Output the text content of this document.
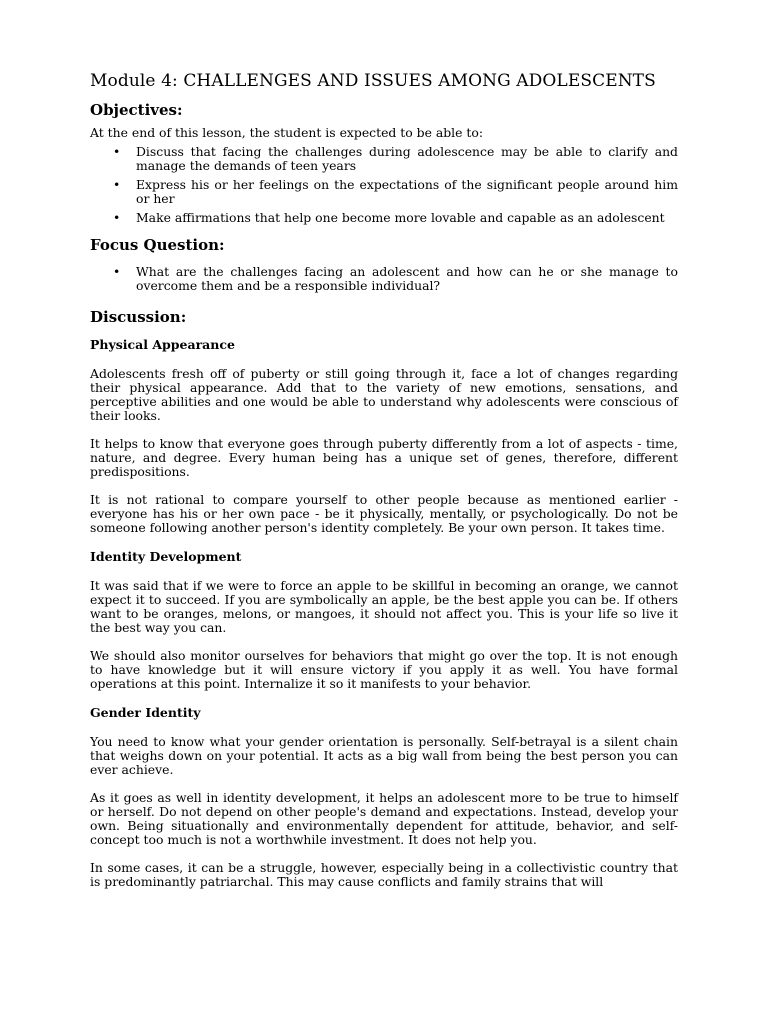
Module 4: CHALLENGES AND ISSUES AMONG ADOLESCENTS
Objectives:

At the end of this lesson, the student is expected to be able to:

• Discuss that facing the challenges during adolescence may be able to clarify and manage the demands of teen years
• Express his or her feelings on the expectations of the significant people around him or her
• Make affirmations that help one become more lovable and capable as an adolescent
Focus Question:
• What are the challenges facing an adolescent and how can he or she manage to overcome them and be a responsible individual?
Discussion:
Physical Appearance

Adolescents fresh off of puberty or still going through it, face a lot of changes regarding their physical appearance. Add that to the variety of new emotions, sensations, and perceptive abilities and one would be able to understand why adolescents were conscious of their looks.

It helps to know that everyone goes through puberty differently from a lot of aspects - time, nature, and degree. Every human being has a unique set of genes, therefore, different predispositions.

It is not rational to compare yourself to other people because as mentioned earlier - everyone has his or her own pace - be it physically, mentally, or psychologically. Do not be someone following another person's identity completely. Be your own person. It takes time.

Identity Development

It was said that if we were to force an apple to be skillful in becoming an orange, we cannot expect it to succeed. If you are symbolically an apple, be the best apple you can be. If others want to be oranges, melons, or mangoes, it should not affect you. This is your life so live it the best way you can.

We should also monitor ourselves for behaviors that might go over the top. It is not enough to have knowledge but it will ensure victory if you apply it as well. You have formal operations at this point. Internalize it so it manifests to your behavior.

Gender Identity

You need to know what your gender orientation is personally. Self-betrayal is a silent chain that weighs down on your potential. It acts as a big wall from being the best person you can ever achieve.

As it goes as well in identity development, it helps an adolescent more to be true to himself or herself. Do not depend on other people's demand and expectations. Instead, develop your own. Being situationally and environmentally dependent for attitude, behavior, and self-concept too much is not a worthwhile investment. It does not help you.

In some cases, it can be a struggle, however, especially being in a collectivistic country that is predominantly patriarchal. This may cause conflicts and family strains that will
